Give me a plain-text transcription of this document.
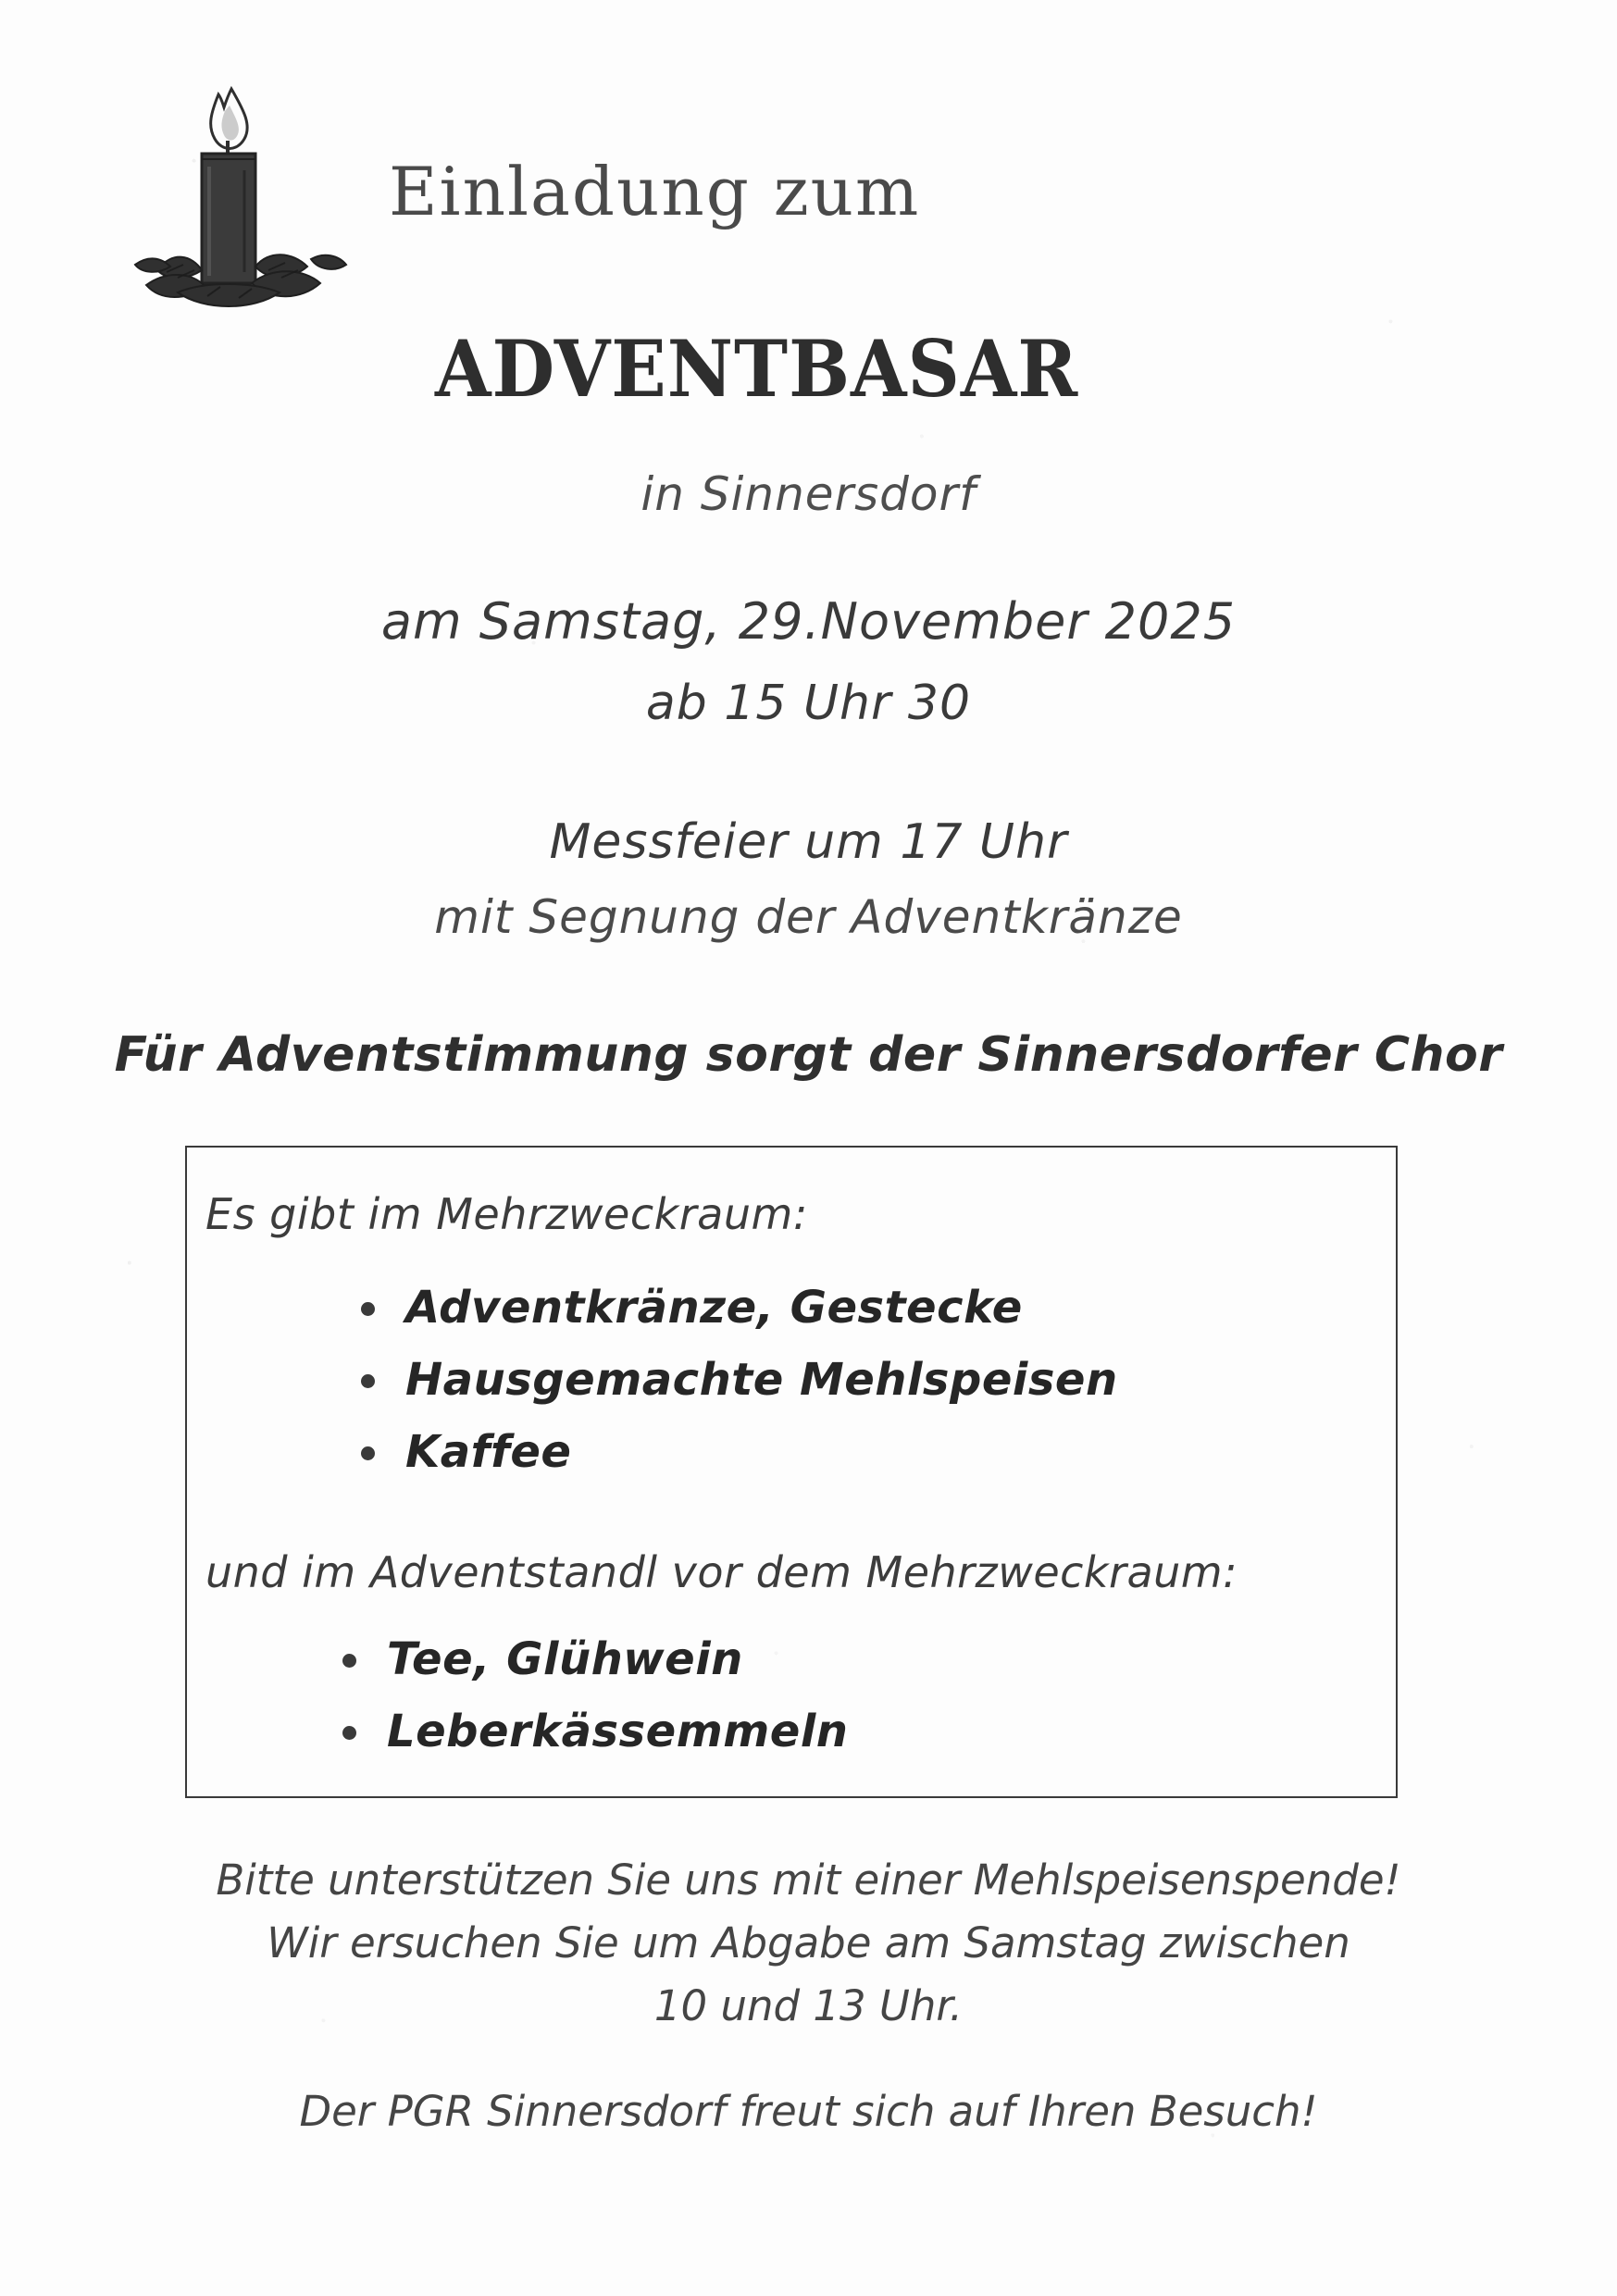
Einladung zum
ADVENTBASAR
in Sinnersdorf
am Samstag, 29.November 2025
ab 15 Uhr 30
Messfeier um 17 Uhr
mit Segnung der Adventkränze
Für Adventstimmung sorgt der Sinnersdorfer Chor
Es gibt im Mehrzweckraum:
Adventkränze, Gestecke
Hausgemachte Mehlspeisen
Kaffee
und im Adventstandl vor dem Mehrzweckraum:
Tee, Glühwein
Leberkässemmeln
Bitte unterstützen Sie uns mit einer Mehlspeisenspende!
Wir ersuchen Sie um Abgabe am Samstag zwischen
10 und 13 Uhr.
Der PGR Sinnersdorf freut sich auf Ihren Besuch!
